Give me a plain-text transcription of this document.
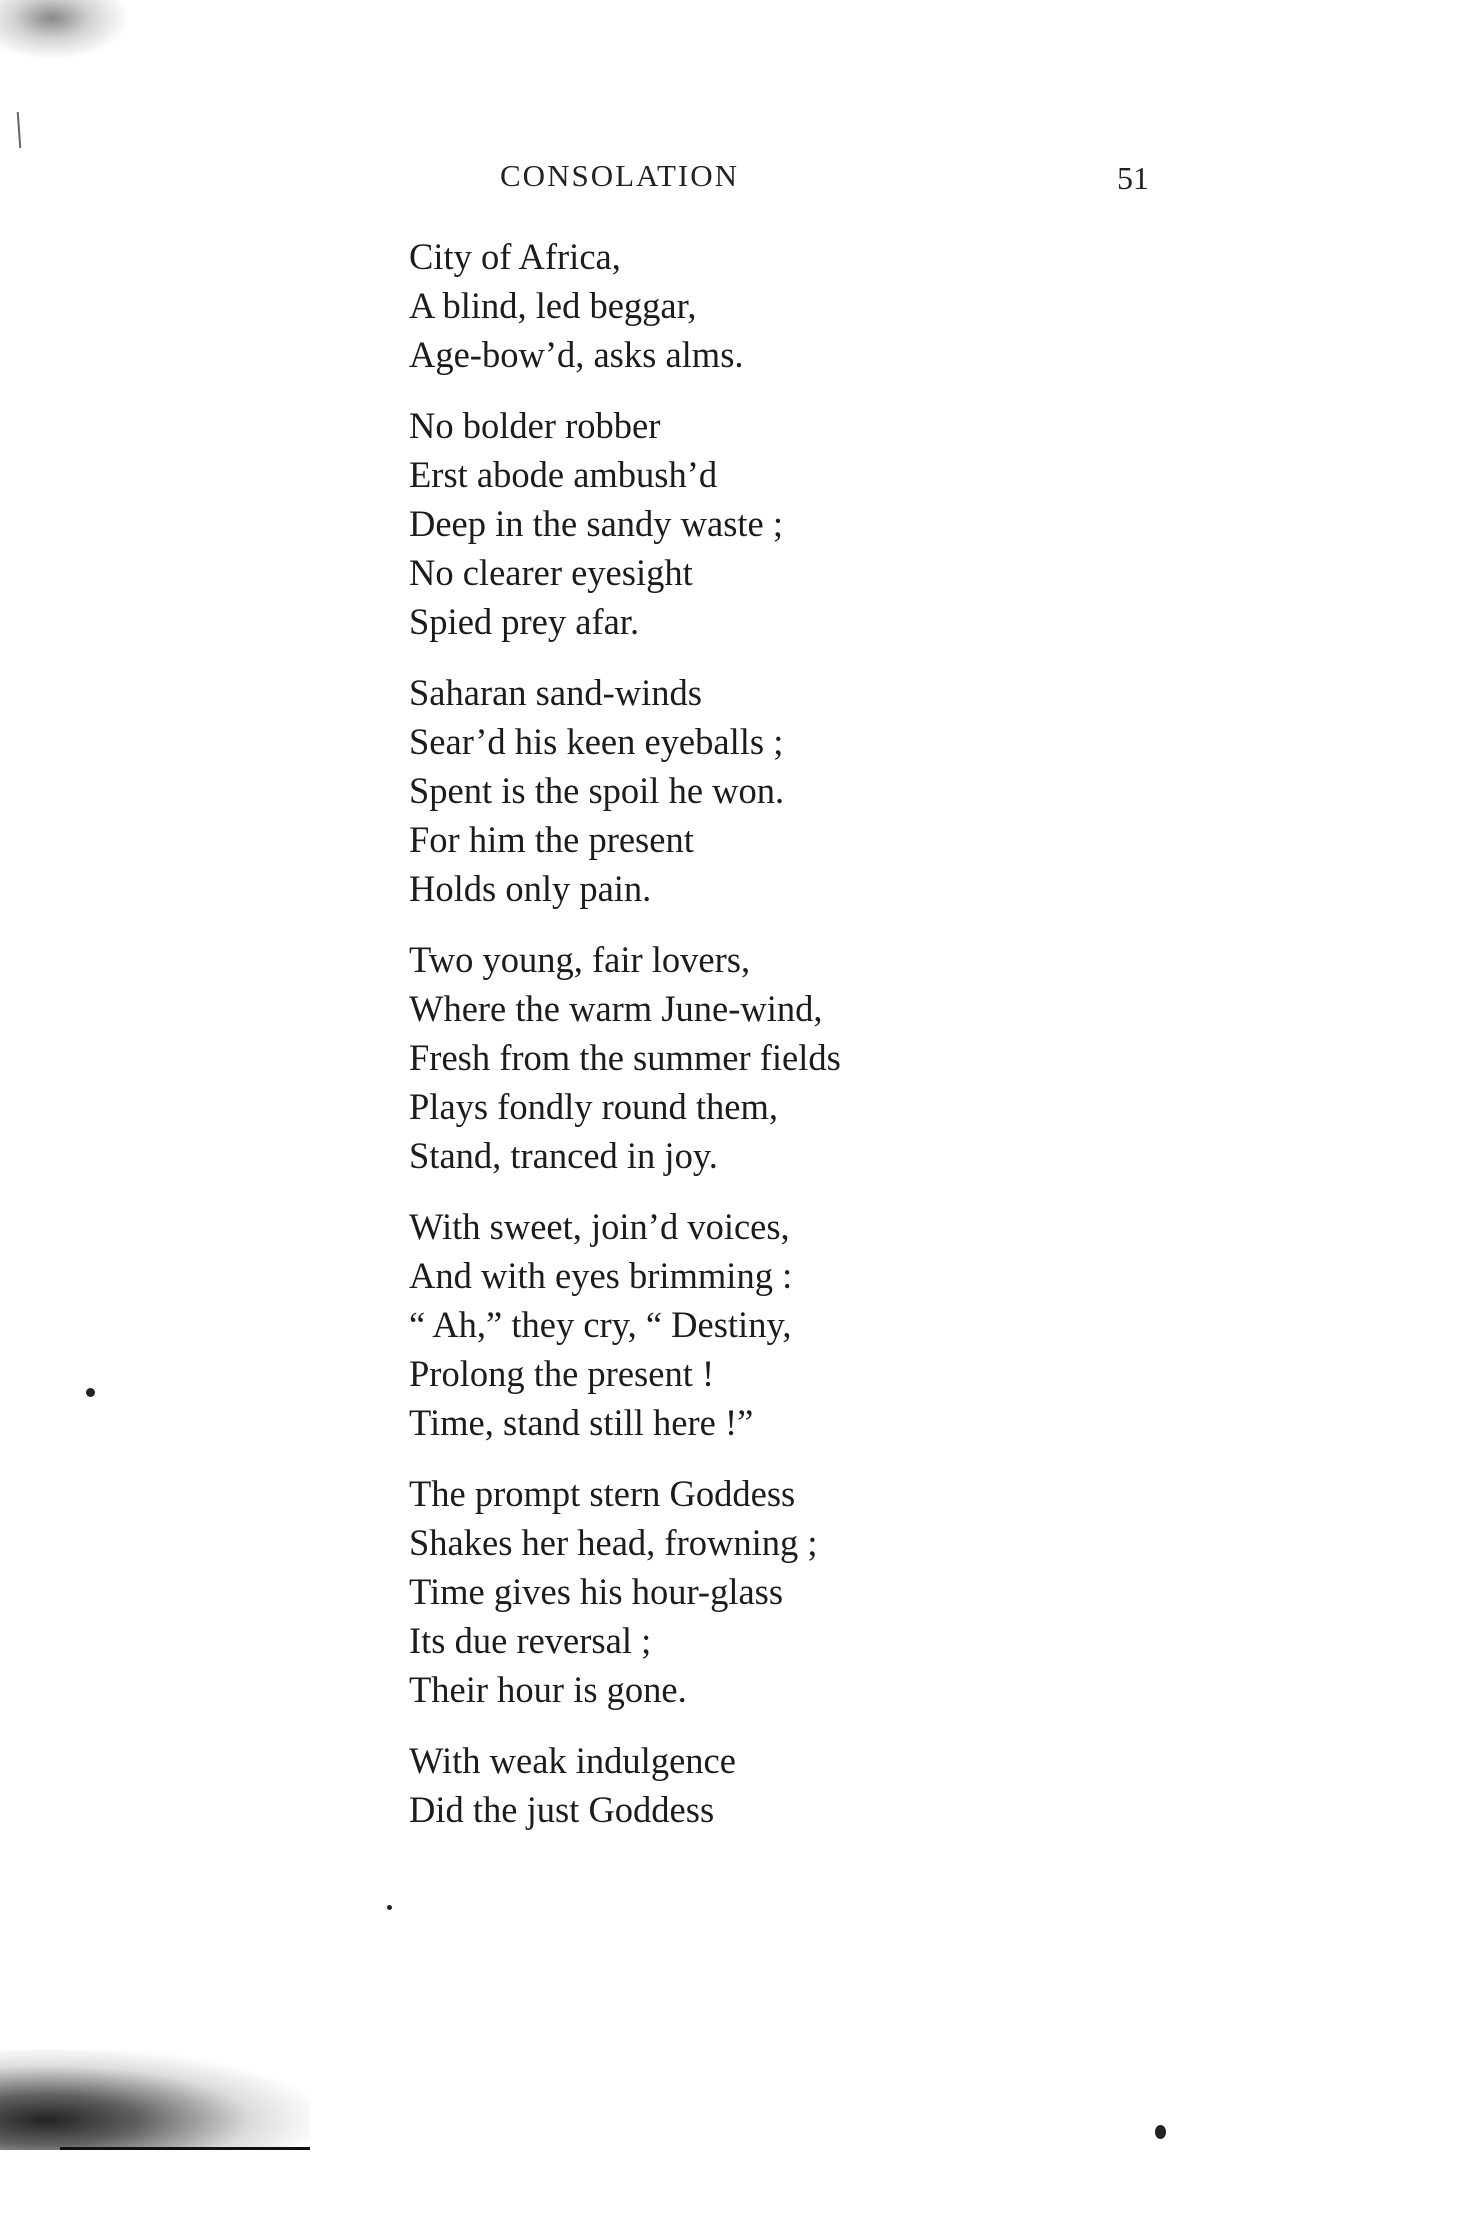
CONSOLATION	51
City of Africa,
A blind, led beggar,
Age-bow’d, asks alms.
No bolder robber
Erst abode ambush’d
Deep in the sandy waste ;
No clearer eyesight
Spied prey afar.
Saharan sand-winds
Sear’d his keen eyeballs ;
Spent is the spoil he won.
For him the present
Holds only pain.
Two young, fair lovers,
Where the warm June-wind,
Fresh from the summer fields
Plays fondly round them,
Stand, tranced in joy.
With sweet, join’d voices,
And with eyes brimming :
“ Ah,” they cry, “ Destiny,
Prolong the present !
Time, stand still here !”
The prompt stern Goddess
Shakes her head, frowning ;
Time gives his hour-glass
Its due reversal ;
Their hour is gone.
With weak indulgence
Did the just Goddess
